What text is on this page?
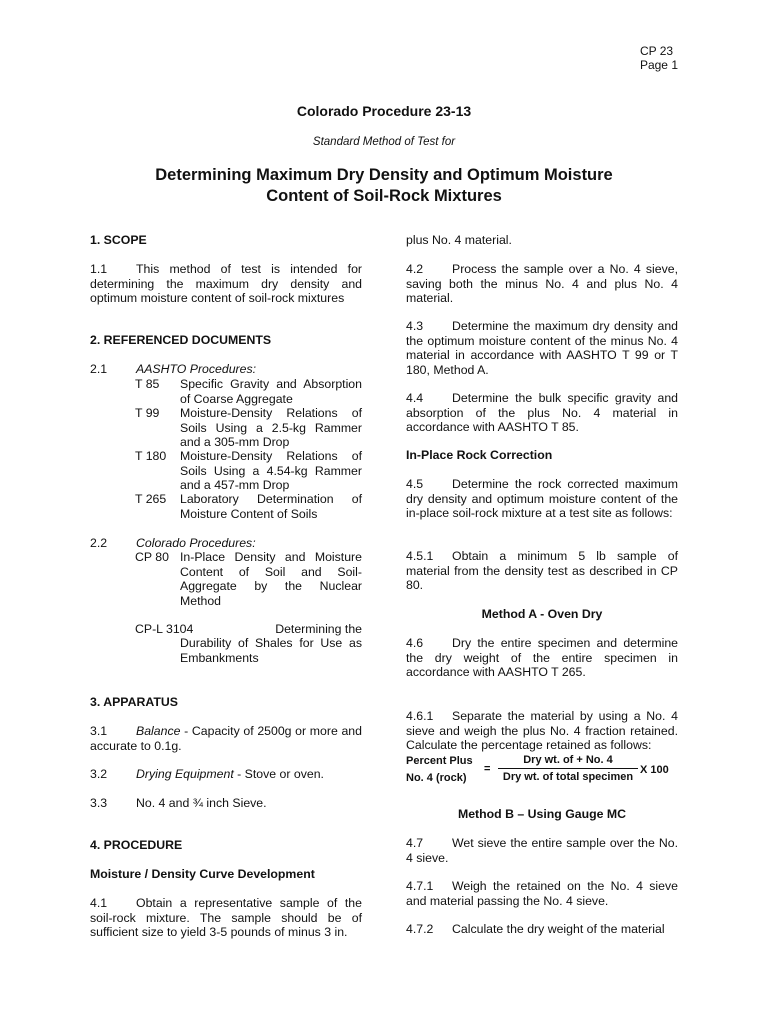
CP 23
Page 1
Colorado Procedure 23-13
Standard Method of Test for
Determining Maximum Dry Density and Optimum Moisture
Content of Soil-Rock Mixtures
1. SCOPE
1.1 This method of test is intended for determining the maximum dry density and optimum moisture content of soil-rock mixtures
2. REFERENCED DOCUMENTS
2.1 AASHTO Procedures:
T 85 Specific Gravity and Absorption of Coarse Aggregate
T 99 Moisture-Density Relations of Soils Using a 2.5-kg Rammer and a 305-mm Drop
T 180 Moisture-Density Relations of Soils Using a 4.54-kg Rammer and a 457-mm Drop
T 265 Laboratory Determination of Moisture Content of Soils
2.2 Colorado Procedures:
CP 80 In-Place Density and Moisture Content of Soil and Soil-Aggregate by the Nuclear Method
CP-L 3104	Determining the
Durability of Shales for Use as Embankments
3. APPARATUS
3.1 Balance - Capacity of 2500g or more and accurate to 0.1g.
3.2 Drying Equipment - Stove or oven.
3.3 No. 4 and ¾ inch Sieve.
4. PROCEDURE
Moisture / Density Curve Development
4.1 Obtain a representative sample of the soil-rock mixture. The sample should be of sufficient size to yield 3-5 pounds of minus 3 in.
plus No. 4 material.
4.2 Process the sample over a No. 4 sieve, saving both the minus No. 4 and plus No. 4 material.
4.3 Determine the maximum dry density and the optimum moisture content of the minus No. 4 material in accordance with AASHTO T 99 or T 180, Method A.
4.4 Determine the bulk specific gravity and absorption of the plus No. 4 material in accordance with AASHTO T 85.
In-Place Rock Correction
4.5 Determine the rock corrected maximum dry density and optimum moisture content of the in-place soil-rock mixture at a test site as follows:
4.5.1 Obtain a minimum 5 lb sample of material from the density test as described in CP 80.
Method A - Oven Dry
4.6 Dry the entire specimen and determine the dry weight of the entire specimen in accordance with AASHTO T 265.
4.6.1 Separate the material by using a No. 4 sieve and weigh the plus No. 4 fraction retained. Calculate the percentage retained as follows:
Percent Plus
No. 4 (rock)
=
Dry wt. of + No. 4
Dry wt. of total specimen
X 100
Method B – Using Gauge MC
4.7 Wet sieve the entire sample over the No. 4 sieve.
4.7.1 Weigh the retained on the No. 4 sieve and material passing the No. 4 sieve.
4.7.2 Calculate the dry weight of the material
